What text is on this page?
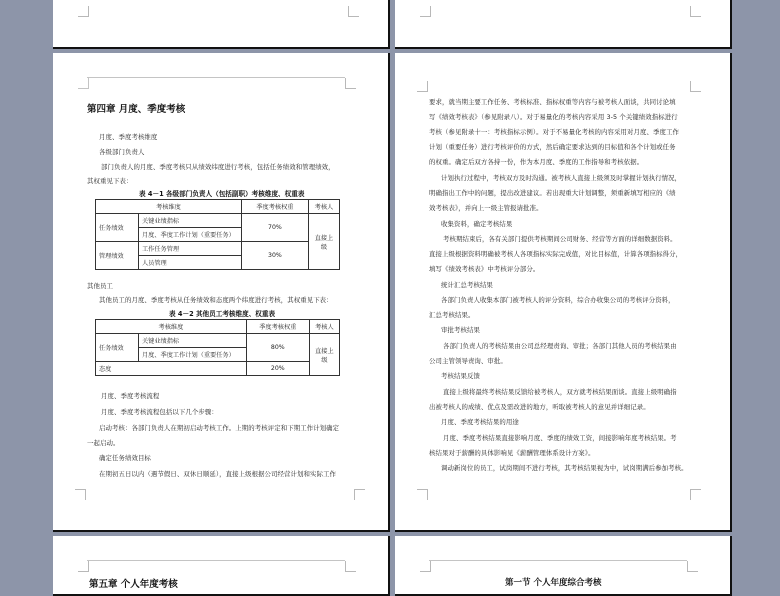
第四章 月度、季度考核
月度、季度考核维度
各级部门负责人
部门负责人的月度、季度考核只从绩效纬度进行考核，包括任务绩效和管理绩效，
其权重见下表：
表 4－1 各级部门负责人（包括副职）考核维度、权重表
考核维度		季度考核权重	考核人
任务绩效	关键业绩指标	70%	直接上级
	月度、季度工作计划（重要任务）		
管理绩效	工作任务管理	30%	
	人员管理		
其他员工
其他员工的月度、季度考核从任务绩效和态度两个纬度进行考核，其权重见下表：
表 4－2 其他员工考核维度、权重表
考核维度		季度考核权重	考核人
任务绩效	关键业绩指标	80%	直接上级
	月度、季度工作计划（重要任务）		
态度		20%	
月度、季度考核流程
月度、季度考核流程包括以下几个步骤：
启动考核：各部门负责人在期初启动考核工作。上期的考核评定和下期工作计划确定
一起启动。
确定任务绩效目标
在期初五日以内（遇节假日、双休日顺延），直接上级根据公司经营计划和实际工作
要求，就当期主要工作任务、考核标准、指标权重等内容与被考核人面谈，共同讨论填
写《绩效考核表》（参见附录八）。对于易量化的考核内容采用 3-5 个关键绩效指标进行
考核（参见附录十一：考核指标示例）。对于不易量化考核的内容采用对月度、季度工作
计划（重要任务）进行考核评价的方式，然后确定要求达到的目标值和各个计划或任务
的权重。确定后双方各持一份，作为本月度、季度的工作指导和考核依据。
计划执行过程中，考核双方及时沟通。被考核人直接上级须及时掌握计划执行情况，
明确指出工作中的问题，提出改进建议。若出现重大计划调整，须重新填写相应的《绩
效考核表》，并向上一级主管报请批准。
收集资料，确定考核结果
考核期结束后，各有关部门提供考核期间公司财务、经营等方面的详细数据资料。
直接上级根据资料明确被考核人各项指标实际完成值，对比目标值，计算各项指标得分，
填写《绩效考核表》中考核评分部分。
统计汇总考核结果
各部门负责人收集本部门被考核人的评分资料，综合办收集公司的考核评分资料，
汇总考核结果。
审批考核结果
各部门负责人的考核结果由公司总经理责询、审批；各部门其他人员的考核结果由
公司主管领导责询、审批。
考核结果反馈
直接上级将最终考核结果反馈给被考核人，双方就考核结果面谈。直接上级明确指
出被考核人的成绩、优点及需改进的地方，听取被考核人的意见并详细记录。
月度、季度考核结果的用途
月度、季度考核结果直接影响月度、季度的绩效工资，间接影响年度考核结果。考
核结果对于薪酬的具体影响见《薪酬管理体系设计方案》。
调动新岗位的员工，试岗期间不进行考核，其考核结果视为中，试岗期满后参加考核。
第五章 个人年度考核	第一节 个人年度综合考核
